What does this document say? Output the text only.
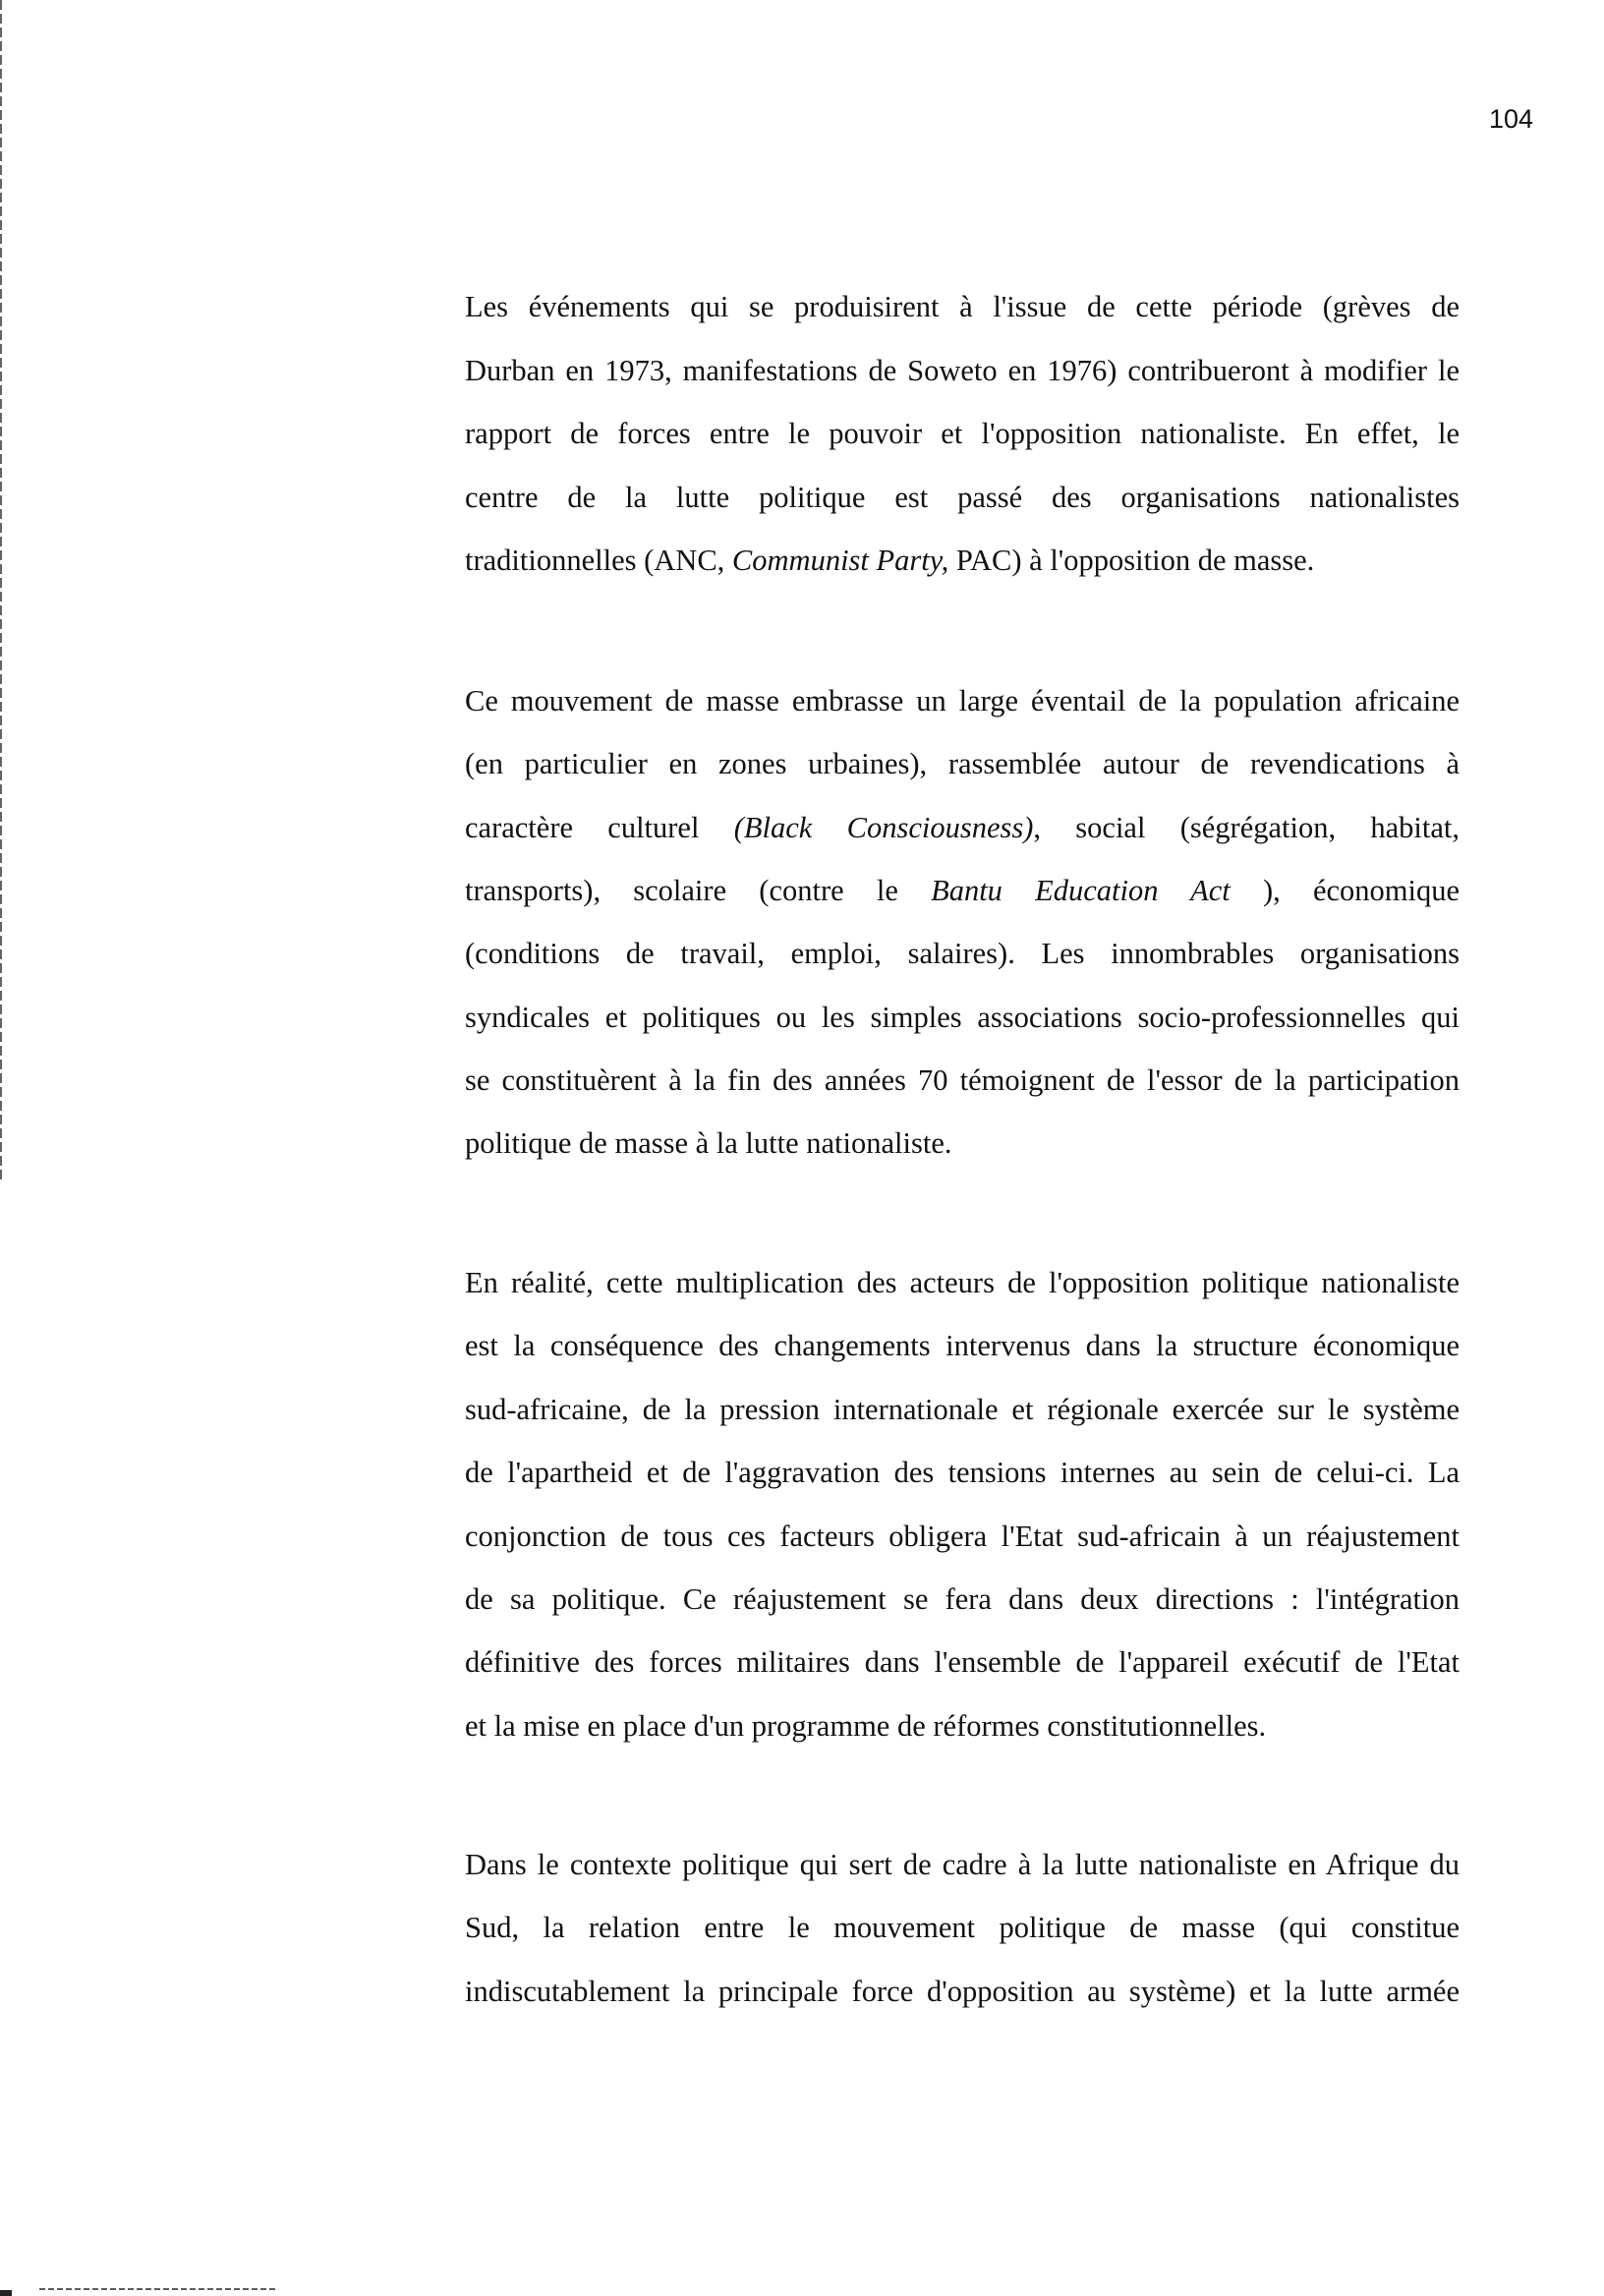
104
Les événements qui se produisirent à l'issue de cette période (grèves de
Durban en 1973, manifestations de Soweto en 1976) contribueront à modifier le
rapport de forces entre le pouvoir et l'opposition nationaliste. En effet, le
centre de la lutte politique est passé des organisations nationalistes
traditionnelles (ANC, Communist Party, PAC) à l'opposition de masse.
Ce mouvement de masse embrasse un large éventail de la population africaine
(en particulier en zones urbaines), rassemblée autour de revendications à
caractère culturel (Black Consciousness), social (ségrégation, habitat,
transports), scolaire (contre le Bantu Education Act ), économique
(conditions de travail, emploi, salaires). Les innombrables organisations
syndicales et politiques ou les simples associations socio-professionnelles qui
se constituèrent à la fin des années 70 témoignent de l'essor de la participation
politique de masse à la lutte nationaliste.
En réalité, cette multiplication des acteurs de l'opposition politique nationaliste
est la conséquence des changements intervenus dans la structure économique
sud-africaine, de la pression internationale et régionale exercée sur le système
de l'apartheid et de l'aggravation des tensions internes au sein de celui-ci. La
conjonction de tous ces facteurs obligera l'Etat sud-africain à un réajustement
de sa politique. Ce réajustement se fera dans deux directions : l'intégration
définitive des forces militaires dans l'ensemble de l'appareil exécutif de l'Etat
et la mise en place d'un programme de réformes constitutionnelles.
Dans le contexte politique qui sert de cadre à la lutte nationaliste en Afrique du
Sud, la relation entre le mouvement politique de masse (qui constitue
indiscutablement la principale force d'opposition au système) et la lutte armée
